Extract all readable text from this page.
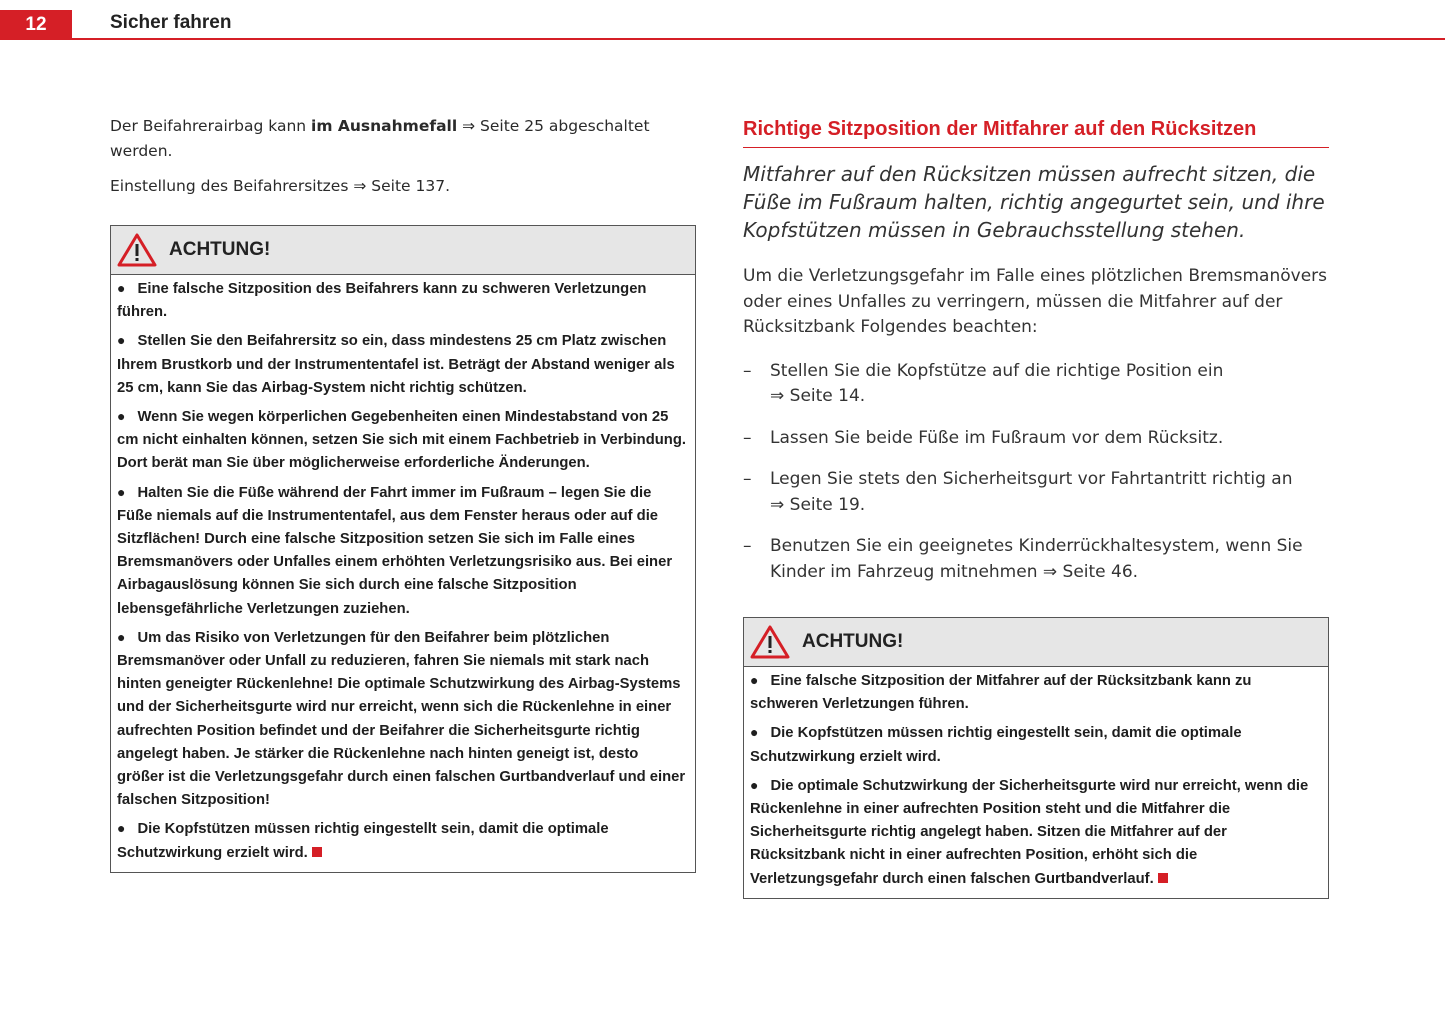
12	Sicher fahren

Der Beifahrerairbag kann im Ausnahmefall ⇒ Seite 25 abgeschaltet werden.

Einstellung des Beifahrersitzes ⇒ Seite 137.

ACHTUNG!

● Eine falsche Sitzposition des Beifahrers kann zu schweren Verletzungen führen.

● Stellen Sie den Beifahrersitz so ein, dass mindestens 25 cm Platz zwischen Ihrem Brustkorb und der Instrumententafel ist. Beträgt der Abstand weniger als 25 cm, kann Sie das Airbag-System nicht richtig schützen.

● Wenn Sie wegen körperlichen Gegebenheiten einen Mindestabstand von 25 cm nicht einhalten können, setzen Sie sich mit einem Fachbetrieb in Verbindung. Dort berät man Sie über möglicherweise erforderliche Änderungen.

● Halten Sie die Füße während der Fahrt immer im Fußraum – legen Sie die Füße niemals auf die Instrumententafel, aus dem Fenster heraus oder auf die Sitzflächen! Durch eine falsche Sitzposition setzen Sie sich im Falle eines Bremsmanövers oder Unfalles einem erhöhten Verletzungsrisiko aus. Bei einer Airbagauslösung können Sie sich durch eine falsche Sitzposition lebensgefährliche Verletzungen zuziehen.

● Um das Risiko von Verletzungen für den Beifahrer beim plötzlichen Bremsmanöver oder Unfall zu reduzieren, fahren Sie niemals mit stark nach hinten geneigter Rückenlehne! Die optimale Schutzwirkung des Airbag-Systems und der Sicherheitsgurte wird nur erreicht, wenn sich die Rückenlehne in einer aufrechten Position befindet und der Beifahrer die Sicherheitsgurte richtig angelegt haben. Je stärker die Rückenlehne nach hinten geneigt ist, desto größer ist die Verletzungsgefahr durch einen falschen Gurtbandverlauf und einer falschen Sitzposition!

● Die Kopfstützen müssen richtig eingestellt sein, damit die optimale Schutzwirkung erzielt wird.

Richtige Sitzposition der Mitfahrer auf den Rücksitzen

Mitfahrer auf den Rücksitzen müssen aufrecht sitzen, die Füße im Fußraum halten, richtig angegurtet sein, und ihre Kopfstützen müssen in Gebrauchsstellung stehen.

Um die Verletzungsgefahr im Falle eines plötzlichen Bremsmanövers oder eines Unfalles zu verringern, müssen die Mitfahrer auf der Rücksitzbank Folgendes beachten:

– Stellen Sie die Kopfstütze auf die richtige Position ein
⇒ Seite 14.
– Lassen Sie beide Füße im Fußraum vor dem Rücksitz.
– Legen Sie stets den Sicherheitsgurt vor Fahrtantritt richtig an
⇒ Seite 19.
– Benutzen Sie ein geeignetes Kinderrückhaltesystem, wenn Sie Kinder im Fahrzeug mitnehmen ⇒ Seite 46.
ACHTUNG!

● Eine falsche Sitzposition der Mitfahrer auf der Rücksitzbank kann zu schweren Verletzungen führen.

● Die Kopfstützen müssen richtig eingestellt sein, damit die optimale Schutzwirkung erzielt wird.

● Die optimale Schutzwirkung der Sicherheitsgurte wird nur erreicht, wenn die Rückenlehne in einer aufrechten Position steht und die Mitfahrer die Sicherheitsgurte richtig angelegt haben. Sitzen die Mitfahrer auf der Rücksitzbank nicht in einer aufrechten Position, erhöht sich die Verletzungsgefahr durch einen falschen Gurtbandverlauf.
